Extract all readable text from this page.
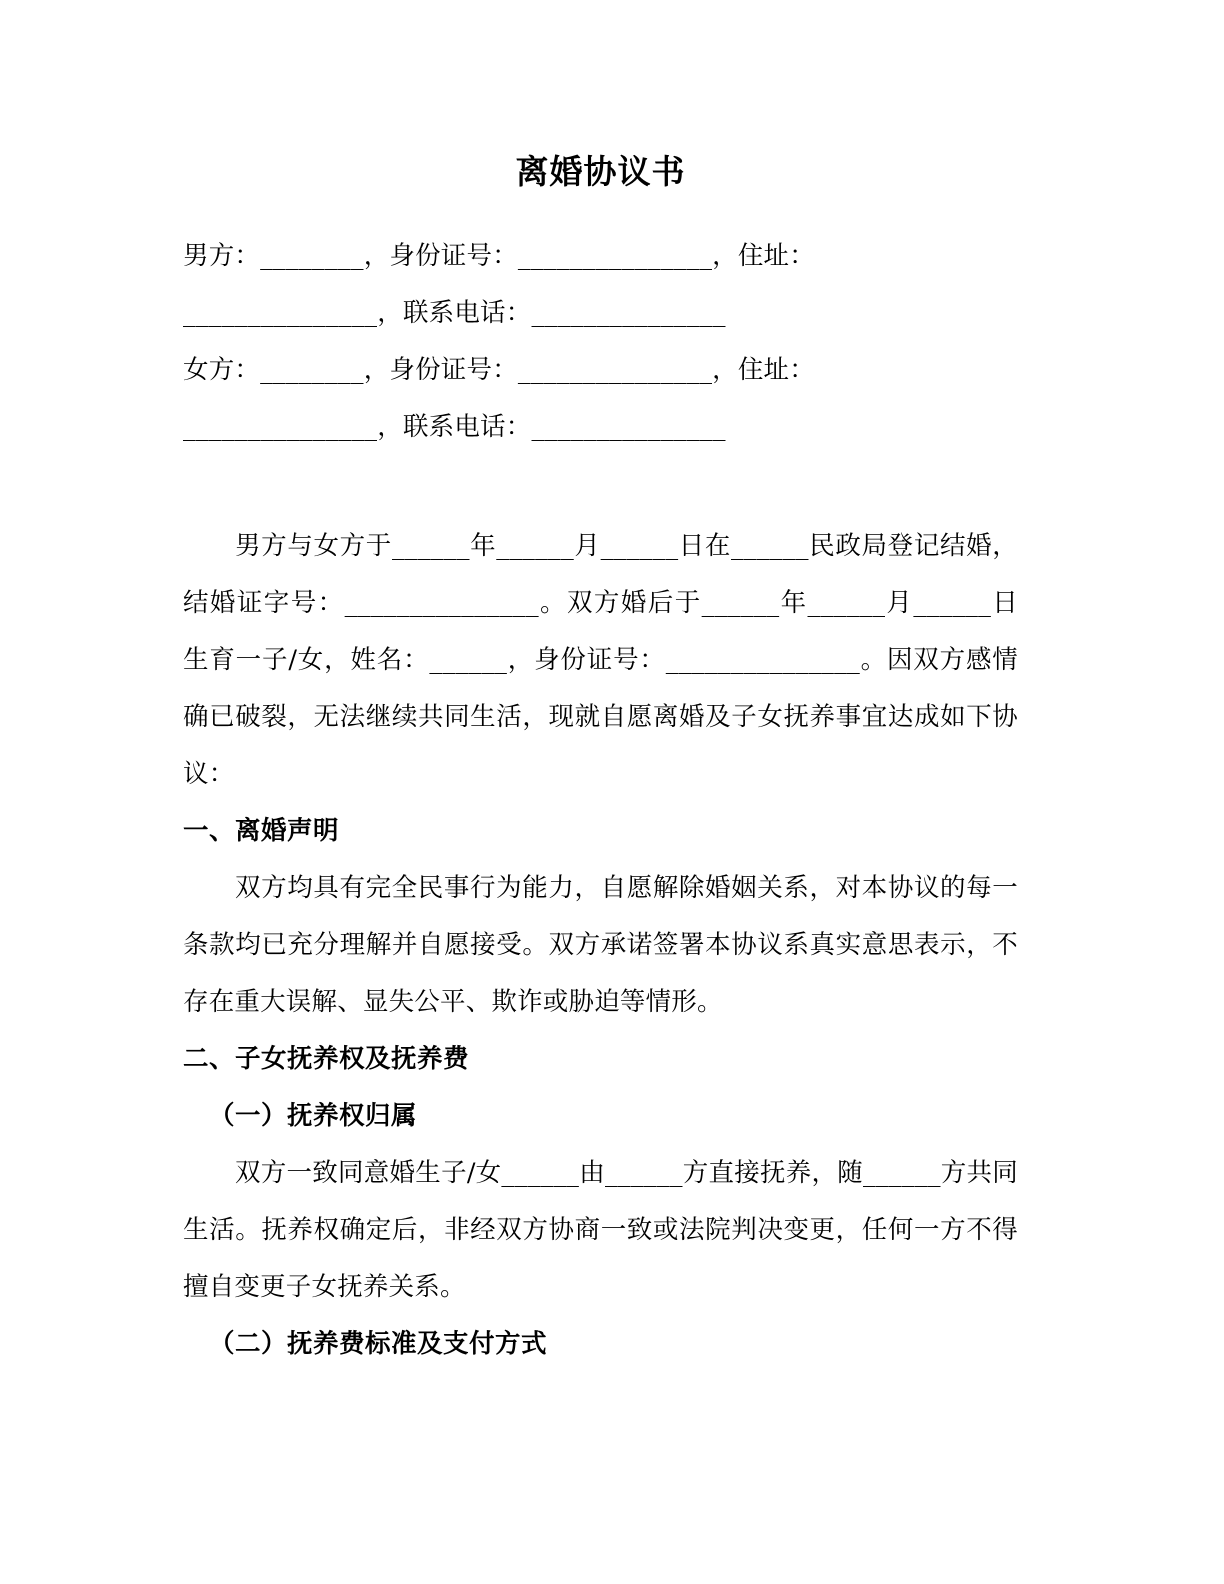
离婚协议书

男方：________，身份证号：_______________，住址：

_______________，联系电话：_______________

女方：________，身份证号：_______________，住址：

_______________，联系电话：_______________

男方与女方于______年______月______日在______民政局登记结婚，结婚证字号：_______________。双方婚后于______年______月______日生育一子/女，姓名：______，身份证号：_______________。因双方感情确已破裂，无法继续共同生活，现就自愿离婚及子女抚养事宜达成如下协议：

一、离婚声明

双方均具有完全民事行为能力，自愿解除婚姻关系，对本协议的每一条款均已充分理解并自愿接受。双方承诺签署本协议系真实意思表示，不存在重大误解、显失公平、欺诈或胁迫等情形。

二、子女抚养权及抚养费

（一）抚养权归属

双方一致同意婚生子/女______由______方直接抚养，随______方共同生活。抚养权确定后，非经双方协商一致或法院判决变更，任何一方不得擅自变更子女抚养关系。

（二）抚养费标准及支付方式
